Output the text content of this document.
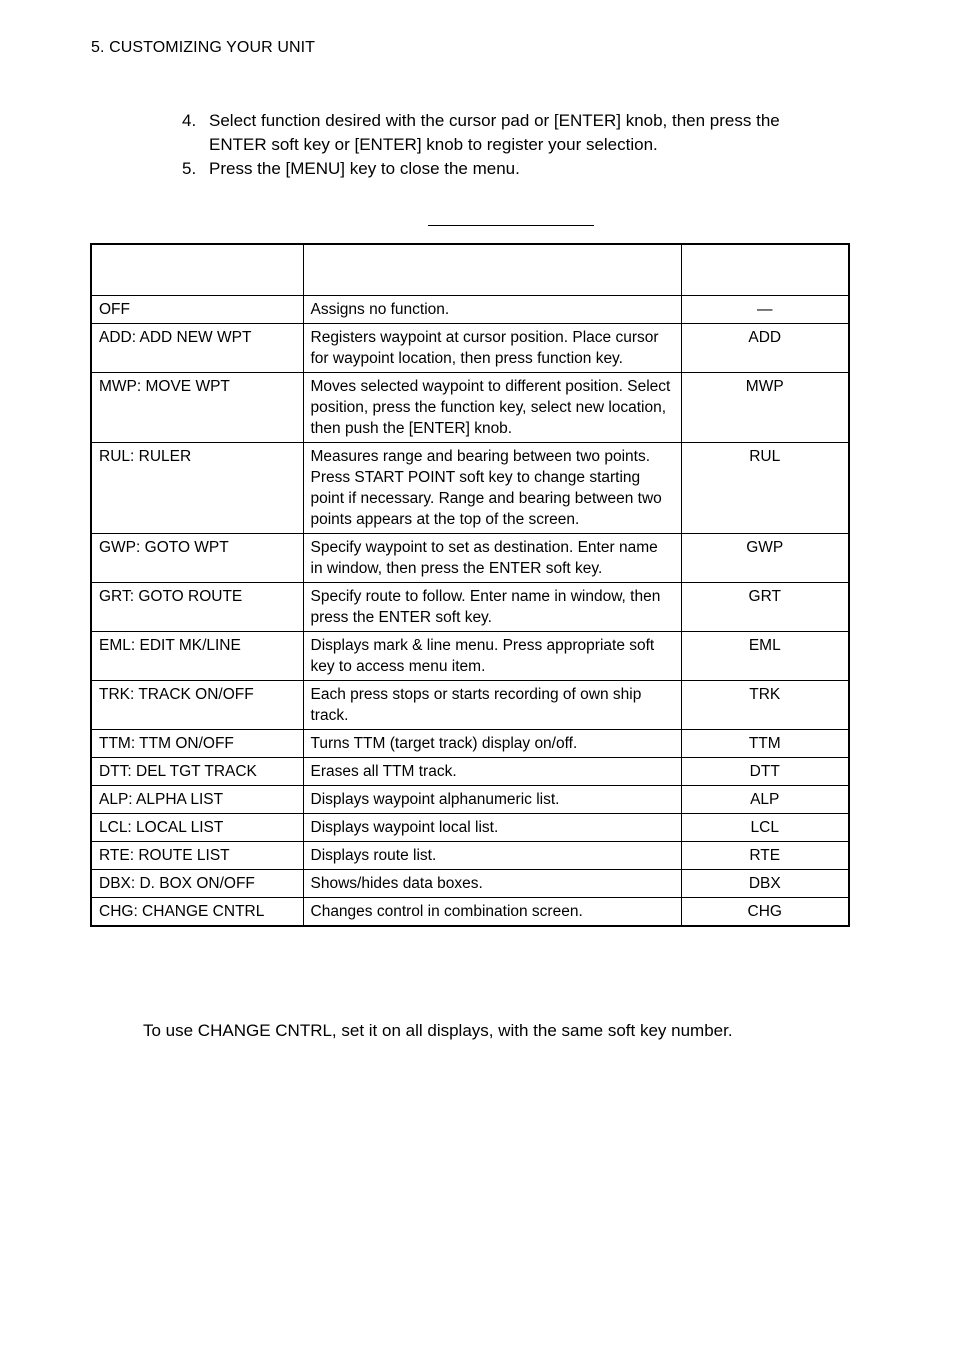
5. CUSTOMIZING YOUR UNIT
4. Select function desired with the cursor pad or [ENTER] knob, then press the ENTER soft key or [ENTER] knob to register your selection.
5. Press the [MENU] key to close the menu.

OFF	Assigns no function.	—
ADD: ADD NEW WPT	Registers waypoint at cursor position. Place cursor for waypoint location, then press function key.	ADD
MWP: MOVE WPT	Moves selected waypoint to different position. Select position, press the function key, select new location, then push the [ENTER] knob.	MWP
RUL: RULER	Measures range and bearing between two points. Press START POINT soft key to change starting point if necessary. Range and bearing between two points appears at the top of the screen.	RUL
GWP: GOTO WPT	Specify waypoint to set as destination. Enter name in window, then press the ENTER soft key.	GWP
GRT: GOTO ROUTE	Specify route to follow. Enter name in window, then press the ENTER soft key.	GRT
EML: EDIT MK/LINE	Displays mark & line menu. Press appropriate soft key to access menu item.	EML
TRK: TRACK ON/OFF	Each press stops or starts recording of own ship track.	TRK
TTM: TTM ON/OFF	Turns TTM (target track) display on/off.	TTM
DTT: DEL TGT TRACK	Erases all TTM track.	DTT
ALP: ALPHA LIST	Displays waypoint alphanumeric list.	ALP
LCL: LOCAL LIST	Displays waypoint local list.	LCL
RTE: ROUTE LIST	Displays route list.	RTE
DBX: D. BOX ON/OFF	Shows/hides data boxes.	DBX
CHG: CHANGE CNTRL	Changes control in combination screen.	CHG
To use CHANGE CNTRL, set it on all displays, with the same soft key number.
